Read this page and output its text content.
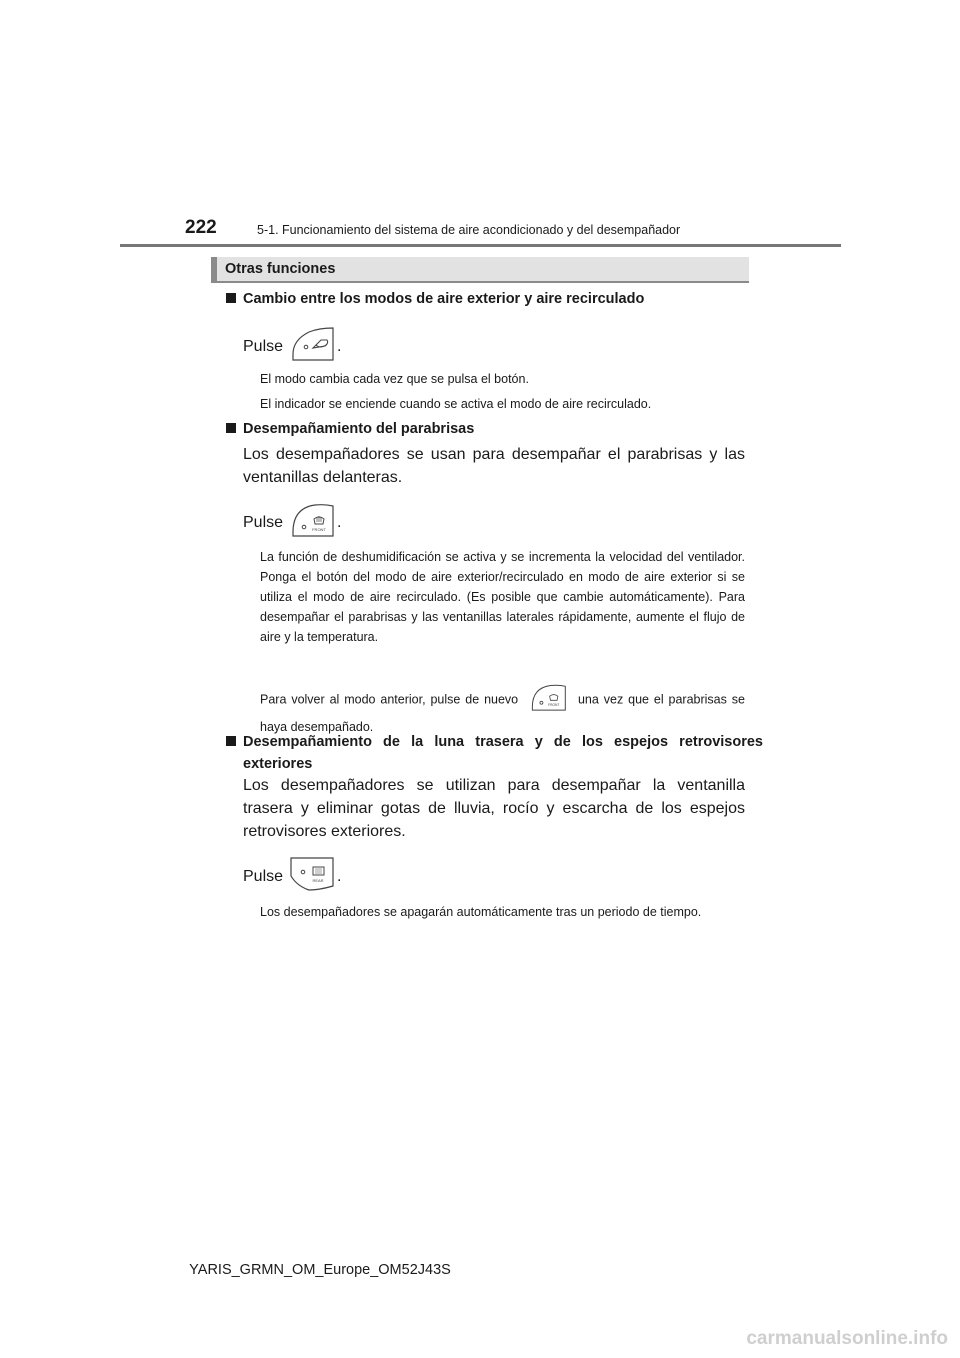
222	5-1. Funcionamiento del sistema de aire acondicionado y del desempañador
Otras funciones
Cambio entre los modos de aire exterior y aire recirculado
Pulse	.
El modo cambia cada vez que se pulsa el botón.
El indicador se enciende cuando se activa el modo de aire recirculado.
Desempañamiento del parabrisas
Los desempañadores se usan para desempañar el parabrisas y las ventanillas delanteras.
Pulse	FRONT .
La función de deshumidificación se activa y se incrementa la velocidad del ventilador. Ponga el botón del modo de aire exterior/recirculado en modo de aire exterior si se utiliza el modo de aire recirculado. (Es posible que cambie automáticamente). Para desempañar el parabrisas y las ventanillas laterales rápidamente, aumente el flujo de aire y la temperatura.
Para volver al modo anterior, pulse de nuevo	FRONT una vez que el parabrisas se haya desempañado.
Desempañamiento de la luna trasera y de los espejos retrovisores exteriores
Los desempañadores se utilizan para desempañar la ventanilla trasera y eliminar gotas de lluvia, rocío y escarcha de los espejos retrovisores exteriores.
Pulse	REAR .
Los desempañadores se apagarán automáticamente tras un periodo de tiempo.
YARIS_GRMN_OM_Europe_OM52J43S
carmanualsonline.info
